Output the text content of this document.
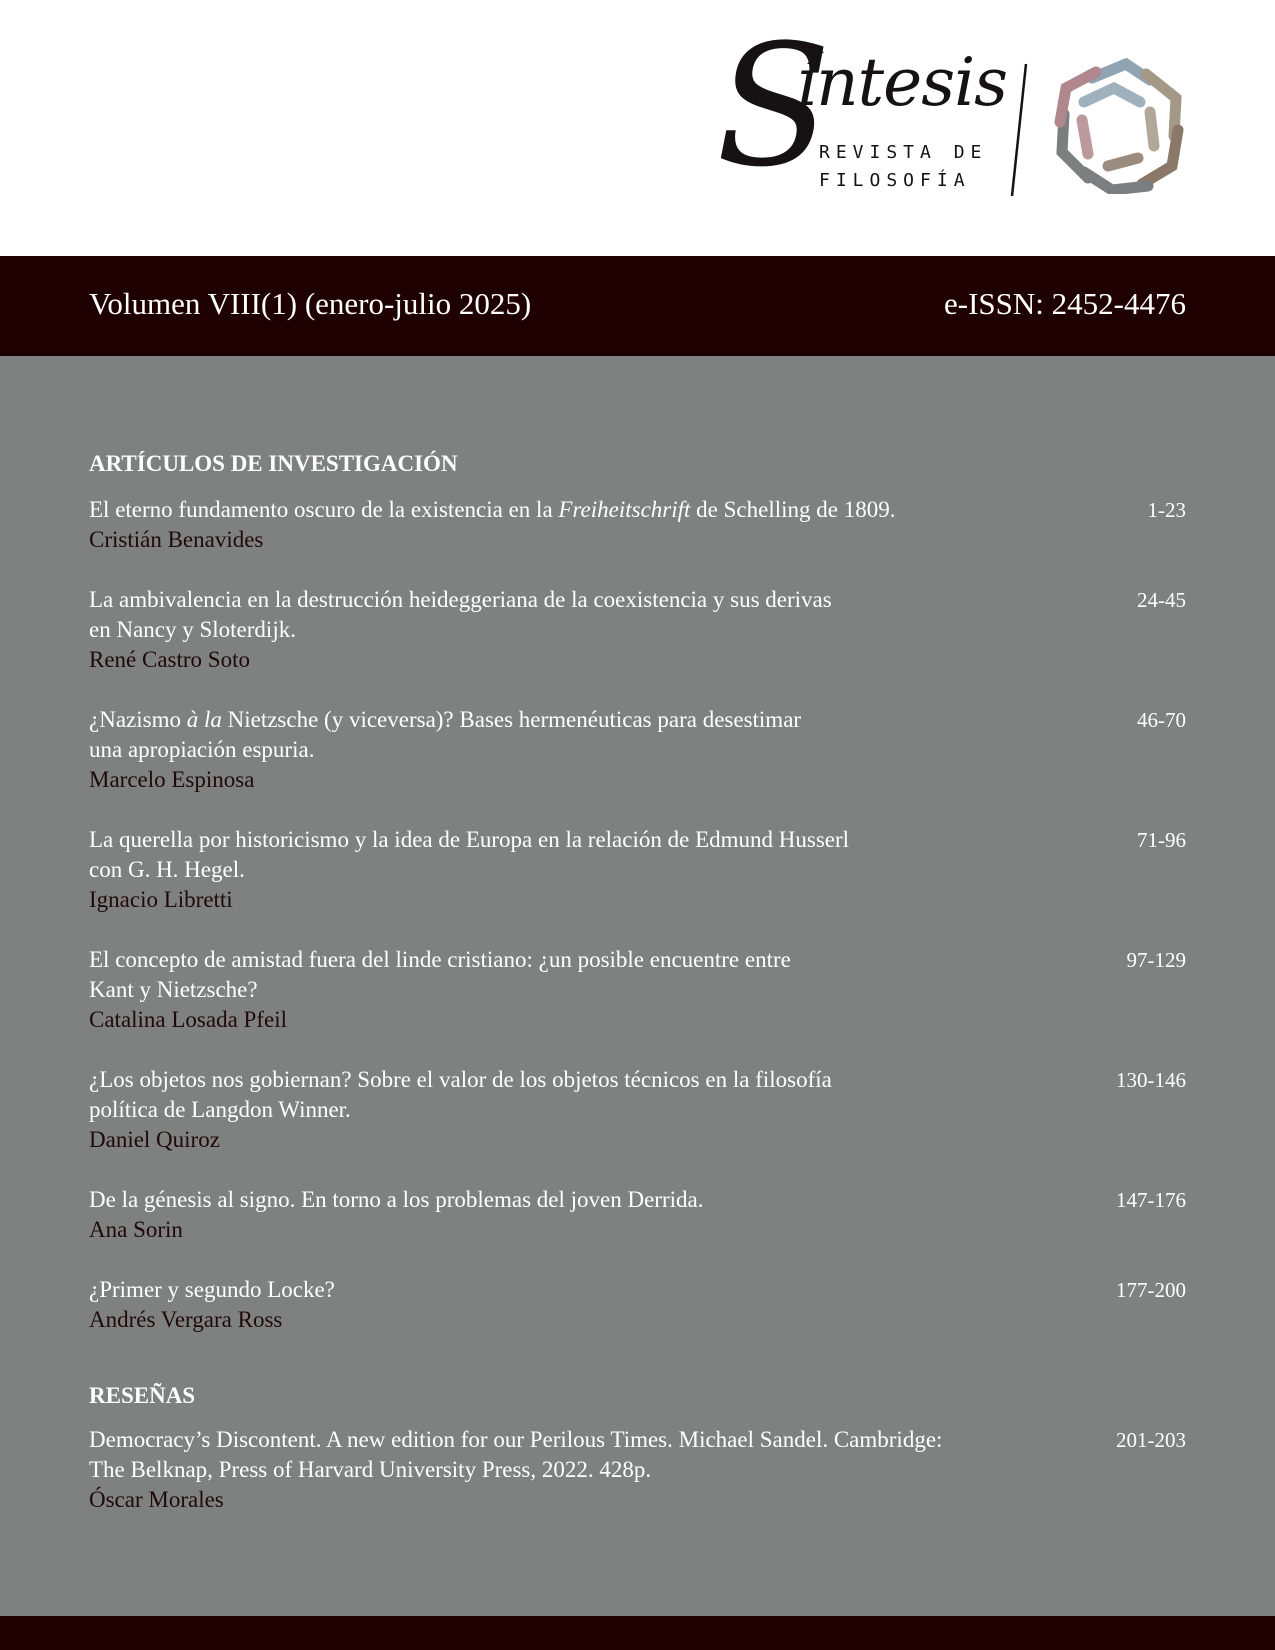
S
íntesis
REVISTA DE
FILOSOFÍA
Volumen VIII(1) (enero-julio 2025)	e-ISSN: 2452-4476
ARTÍCULOS DE INVESTIGACIÓN
El eterno fundamento oscuro de la existencia en la Freiheitschrift de Schelling de 1809.
Cristián Benavides
1-23
La ambivalencia en la destrucción heideggeriana de la coexistencia y sus derivas
en Nancy y Sloterdijk.
René Castro Soto
24-45
¿Nazismo à la Nietzsche (y viceversa)? Bases hermenéuticas para desestimar
una apropiación espuria.
Marcelo Espinosa
46-70
La querella por historicismo y la idea de Europa en la relación de Edmund Husserl
con G. H. Hegel.
Ignacio Libretti
71-96
El concepto de amistad fuera del linde cristiano: ¿un posible encuentre entre
Kant y Nietzsche?
Catalina Losada Pfeil
97-129
¿Los objetos nos gobiernan? Sobre el valor de los objetos técnicos en la filosofía
política de Langdon Winner.
Daniel Quiroz
130-146
De la génesis al signo. En torno a los problemas del joven Derrida.
Ana Sorin
147-176
¿Primer y segundo Locke?
Andrés Vergara Ross
177-200
RESEÑAS
Democracy’s Discontent. A new edition for our Perilous Times. Michael Sandel. Cambridge:
The Belknap, Press of Harvard University Press, 2022. 428p.
Óscar Morales
201-203
